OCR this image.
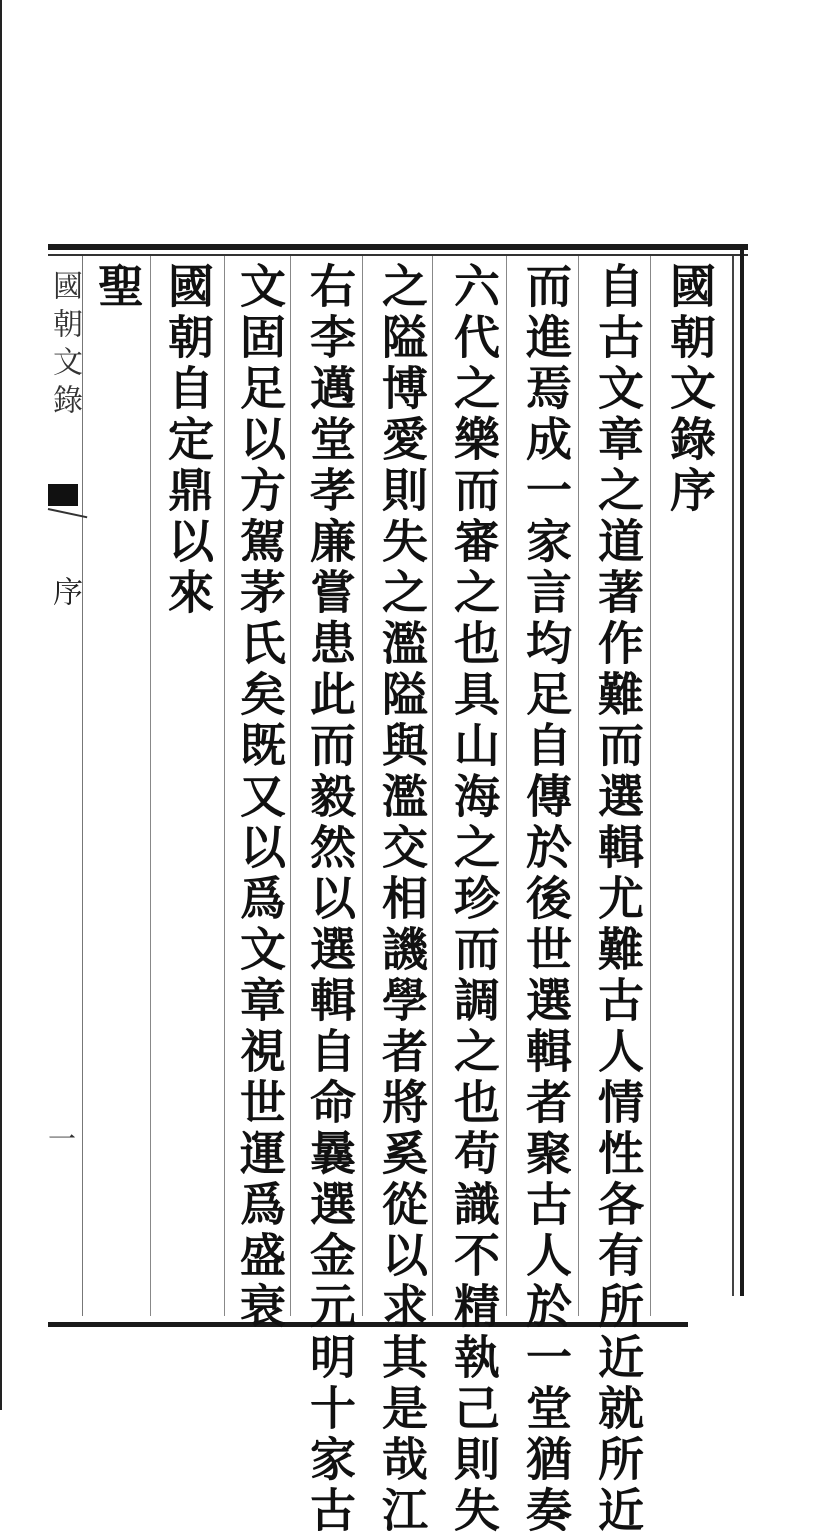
國朝文錄
序
一
國朝文錄序
自古文章之道著作難而選輯尤難古人情性各有所近就所近
而進焉成一家言均足自傳於後世選輯者聚古人於一堂猶奏
六代之樂而審之也具山海之珍而調之也苟識不精執己則失
之隘博愛則失之濫隘與濫交相譏學者將奚從以求其是哉江
右李邁堂孝廉嘗患此而毅然以選輯自命曩選金元明十家古
文固足以方駕茅氏矣既又以爲文章視世運爲盛衰
國朝自定鼎以來
聖
